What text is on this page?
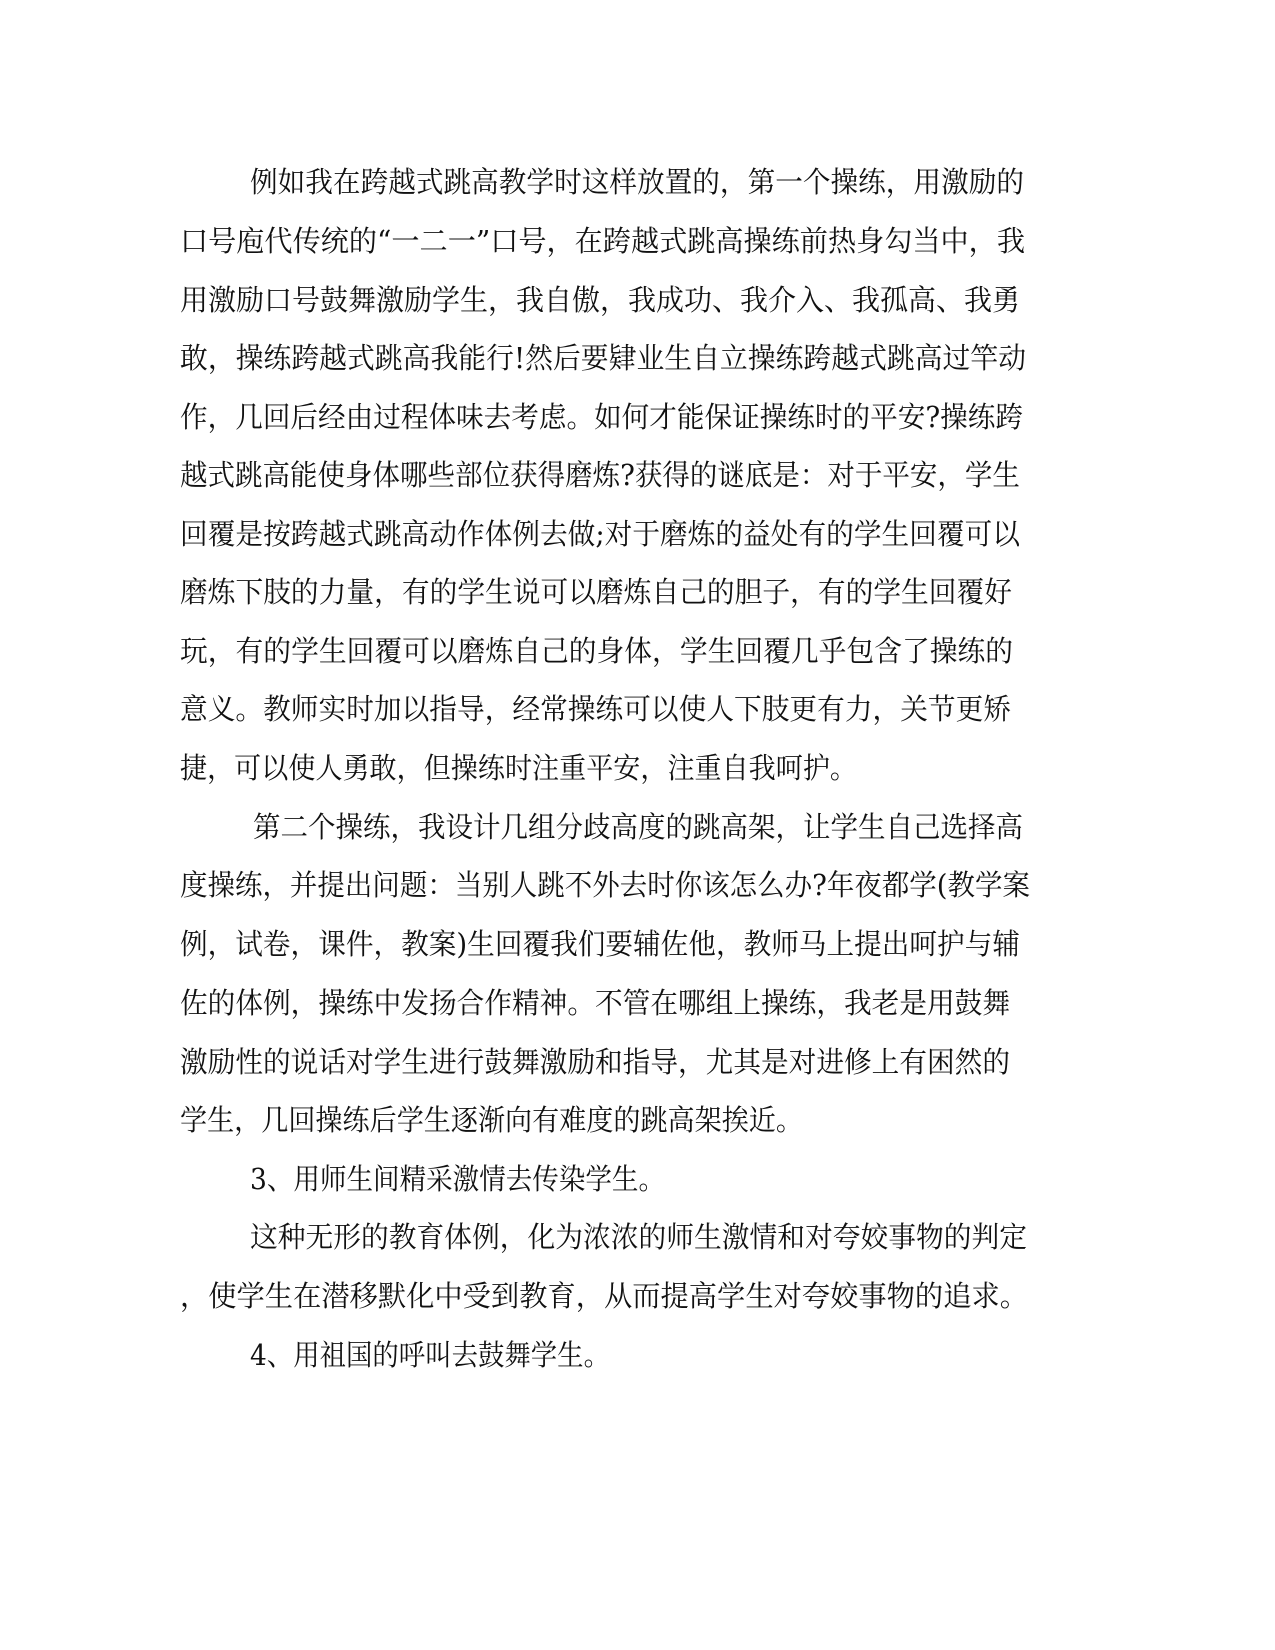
例如我在跨越式跳高教学时这样放置的，第一个操练，用激励的
口号庖代传统的“一二一”口号，在跨越式跳高操练前热身勾当中，我
用激励口号鼓舞激励学生，我自傲，我成功、我介入、我孤高、我勇
敢，操练跨越式跳高我能行!然后要肄业生自立操练跨越式跳高过竿动
作，几回后经由过程体味去考虑。如何才能保证操练时的平安?操练跨
越式跳高能使身体哪些部位获得磨炼?获得的谜底是：对于平安，学生
回覆是按跨越式跳高动作体例去做;对于磨炼的益处有的学生回覆可以
磨炼下肢的力量，有的学生说可以磨炼自己的胆子，有的学生回覆好
玩，有的学生回覆可以磨炼自己的身体，学生回覆几乎包含了操练的
意义。教师实时加以指导，经常操练可以使人下肢更有力，关节更矫
捷，可以使人勇敢，但操练时注重平安，注重自我呵护。
第二个操练，我设计几组分歧高度的跳高架，让学生自己选择高
度操练，并提出问题：当别人跳不外去时你该怎么办?年夜都学(教学案
例，试卷，课件，教案)生回覆我们要辅佐他，教师马上提出呵护与辅
佐的体例，操练中发扬合作精神。不管在哪组上操练，我老是用鼓舞
激励性的说话对学生进行鼓舞激励和指导，尤其是对进修上有困然的
学生，几回操练后学生逐渐向有难度的跳高架挨近。
3、用师生间精采激情去传染学生。
这种无形的教育体例，化为浓浓的师生激情和对夸姣事物的判定
，使学生在潜移默化中受到教育，从而提高学生对夸姣事物的追求。
4、用祖国的呼叫去鼓舞学生。
